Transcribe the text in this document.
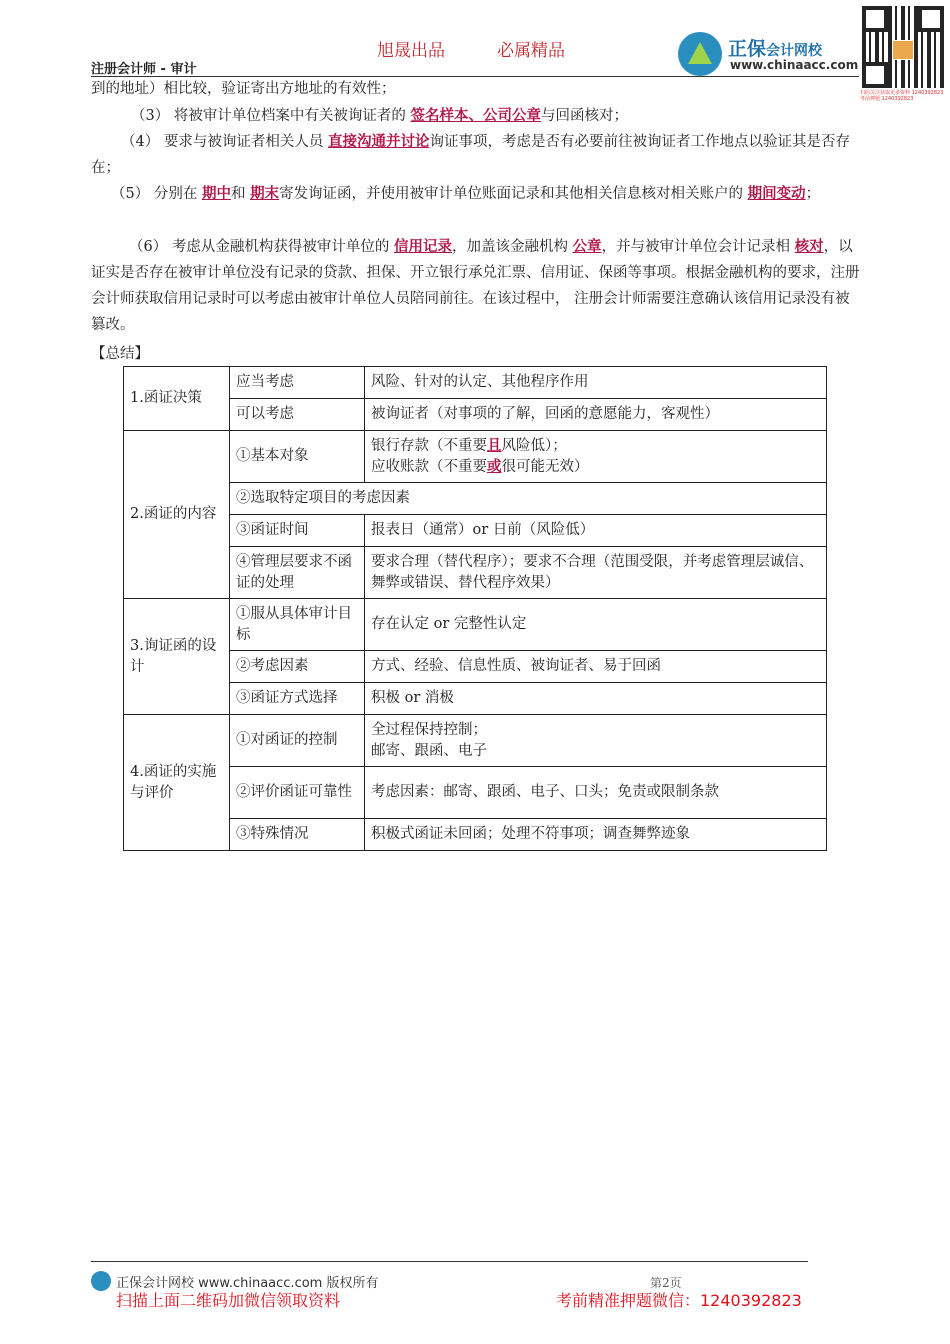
旭晟出品	必属精品
注册会计师 - 审计
正保会计网校
www.chinaacc.com
扫码关注获取更多资料 1240392823 考前押题 1240392823

到的地址）相比较，验证寄出方地址的有效性；

（3） 将被审计单位档案中有关被询证者的 签名样本、公司公章与回函核对；

（4） 要求与被询证者相关人员 直接沟通并讨论询证事项，考虑是否有必要前往被询证者工作地点以验证其是否存在；

（5） 分别在 期中和 期末寄发询证函，并使用被审计单位账面记录和其他相关信息核对相关账户的 期间变动；

（6） 考虑从金融机构获得被审计单位的 信用记录，加盖该金融机构 公章，并与被审计单位会计记录相 核对，以证实是否存在被审计单位没有记录的贷款、担保、开立银行承兑汇票、信用证、保函等事项。根据金融机构的要求，注册会计师获取信用记录时可以考虑由被审计单位人员陪同前往。在该过程中， 注册会计师需要注意确认该信用记录没有被篡改。

【总结】
1.函证决策	应当考虑	风险、针对的认定、其他程序作用
	可以考虑	被询证者（对事项的了解，回函的意愿能力，客观性）
2.函证的内容	①基本对象	银行存款（不重要且风险低）；
应收账款（不重要或很可能无效）

	②选取特定项目的考虑因素	
	③函证时间	报表日（通常）or 日前（风险低）
	④管理层要求不函证的处理	要求合理（替代程序）；要求不合理（范围受限，并考虑管理层诚信、舞弊或错误、替代程序效果）
3.询证函的设计	①服从具体审计目标	存在认定 or 完整性认定
	②考虑因素	方式、经验、信息性质、被询证者、易于回函
	③函证方式选择	积极 or 消极
4.函证的实施与评价	①对函证的控制	全过程保持控制；
邮寄、跟函、电子

	②评价函证可靠性	考虑因素：邮寄、跟函、电子、口头；免责或限制条款
	③特殊情况	积极式函证未回函；处理不符事项；调查舞弊迹象
正保会计网校 www.chinaacc.com 版权所有	第2页
扫描上面二维码加微信领取资料	考前精准押题微信：1240392823
